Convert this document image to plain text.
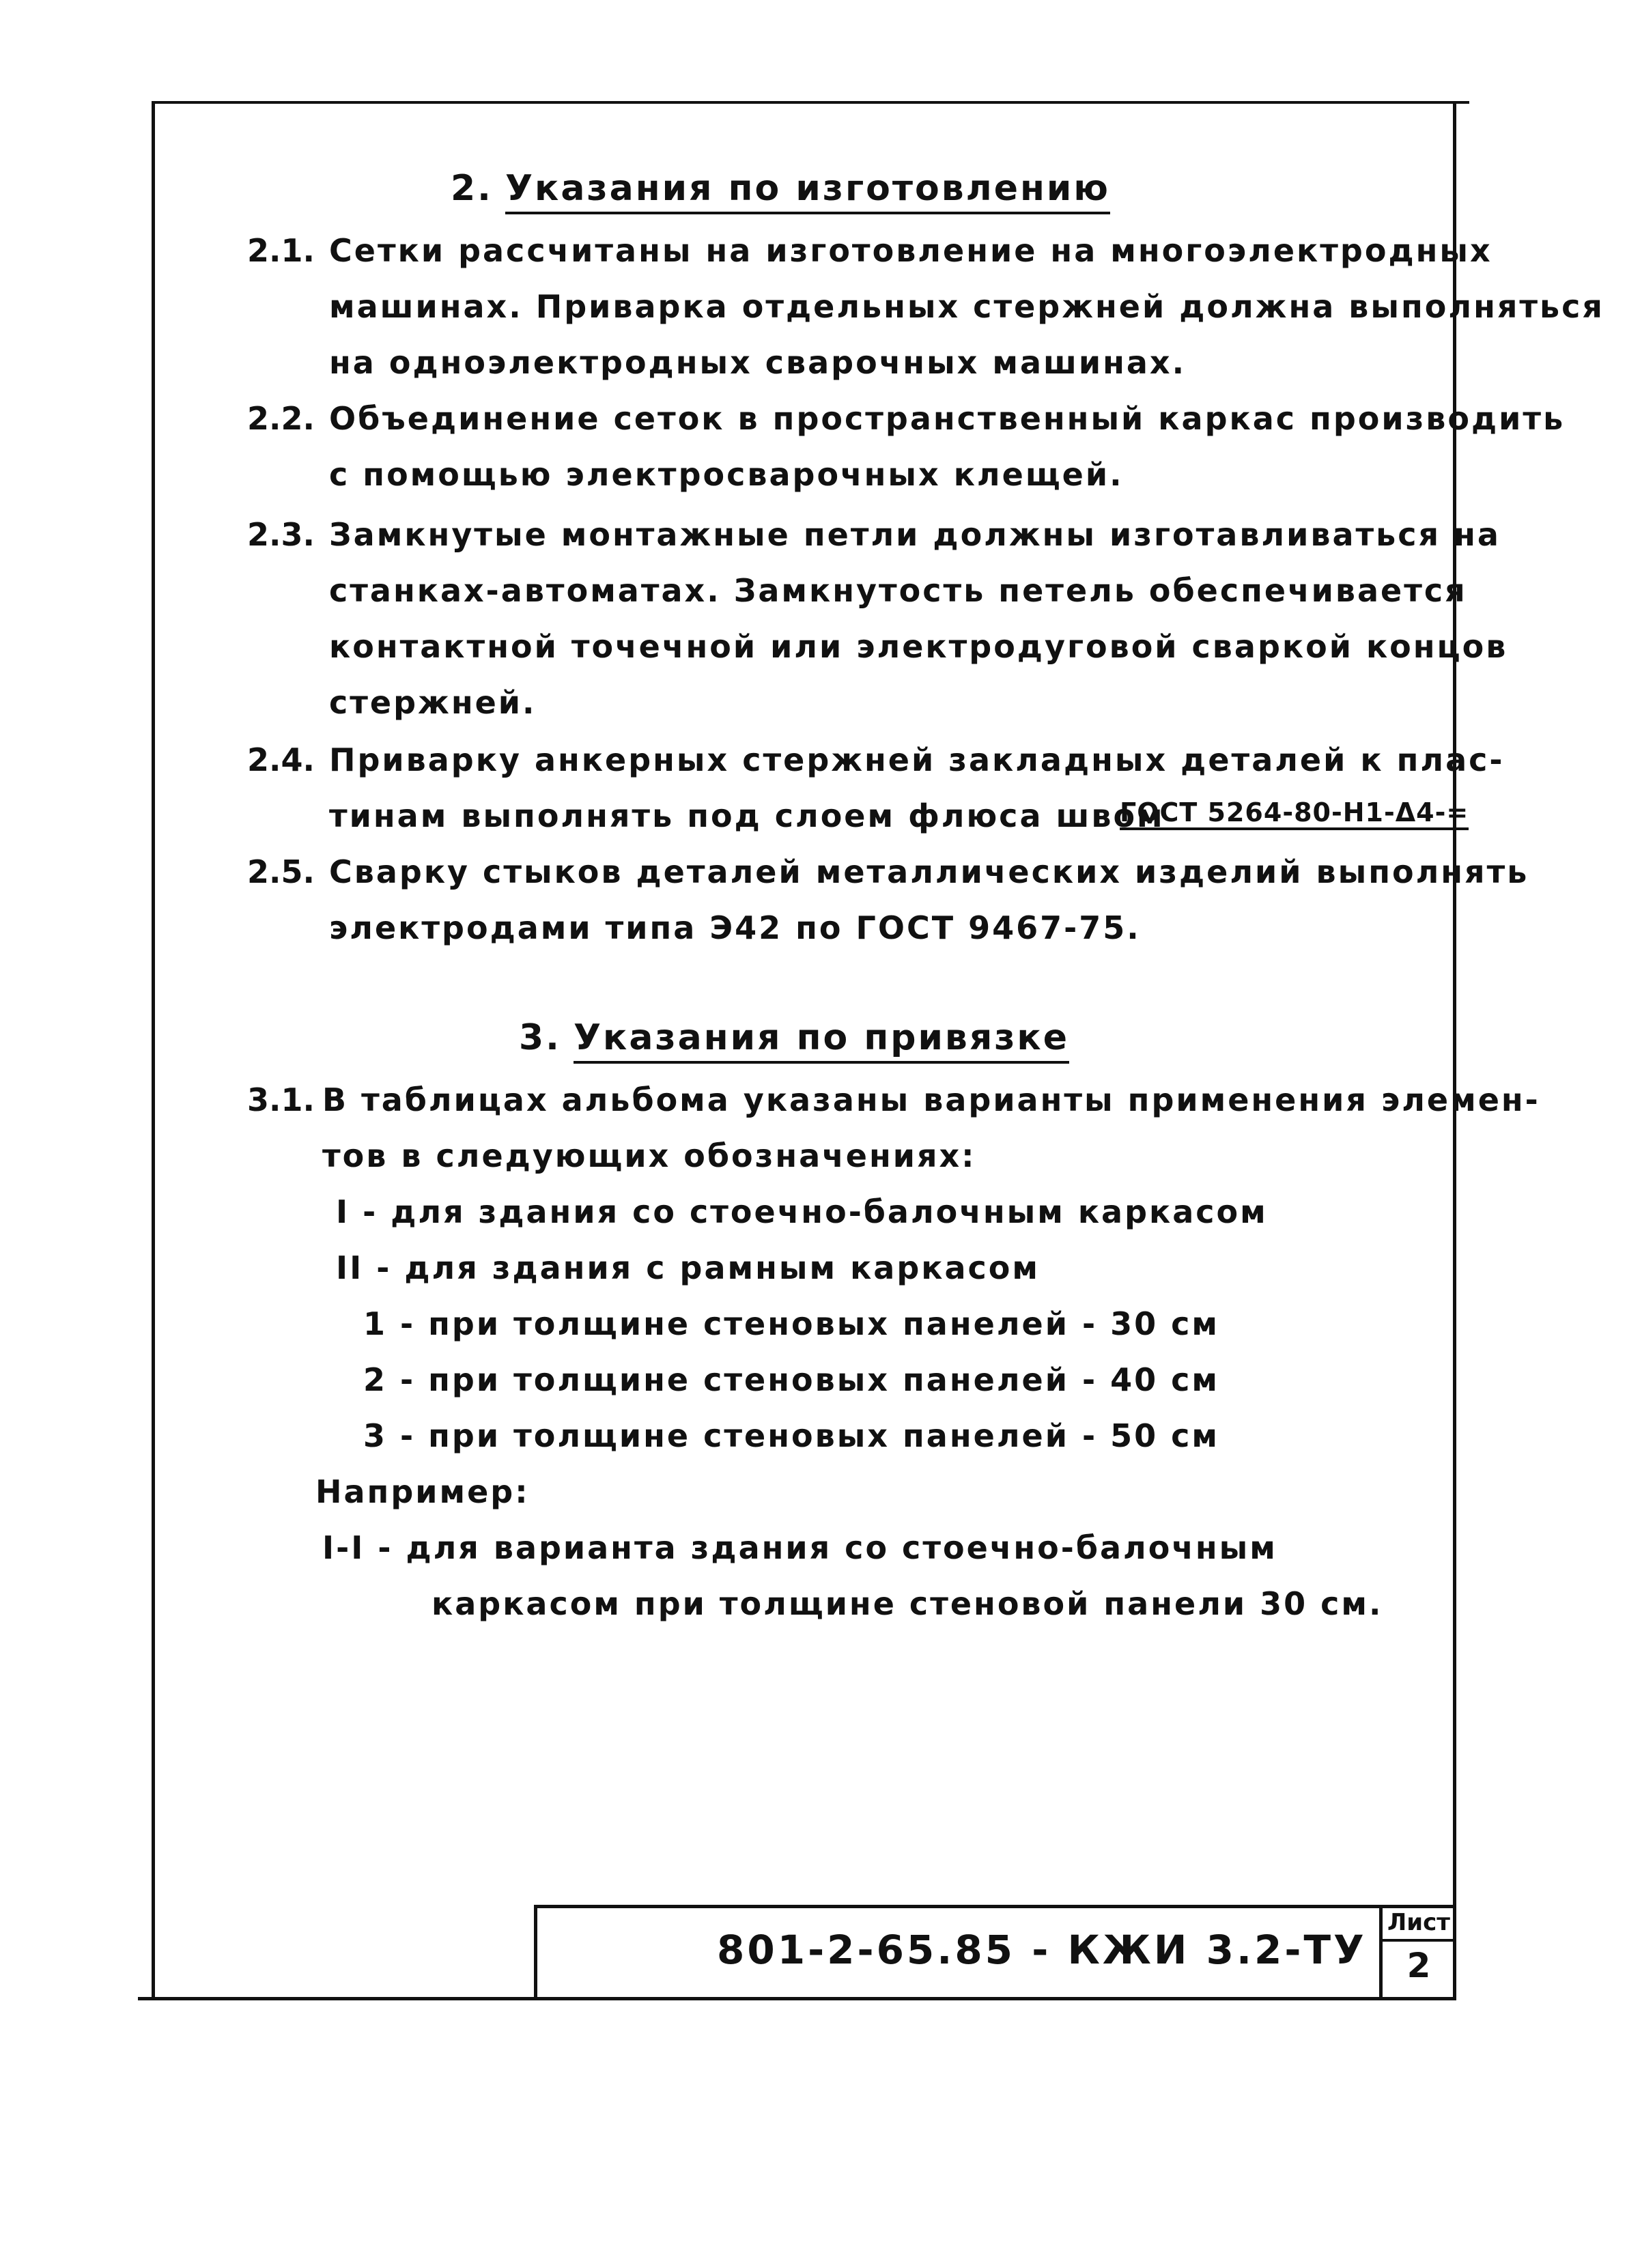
2. Указания по изготовлению
2.1. Сетки рассчитаны на изготовление на многоэлектродных
машинах. Приварка отдельных стержней должна выполняться
на одноэлектродных сварочных машинах.
2.2. Объединение сеток в пространственный каркас производить
с помощью электросварочных клещей.
2.3. Замкнутые монтажные петли должны изготавливаться на
станках-автоматах. Замкнутость петель обеспечивается
контактной точечной или электродуговой сваркой концов
стержней.
2.4. Приварку анкерных стержней закладных деталей к плас-
тинам выполнять под слоем флюса швом
ГОСТ 5264-80-Н1-Δ4-=
2.5. Сварку стыков деталей металлических изделий выполнять
электродами типа Э42 по ГОСТ 9467-75.
3. Указания по привязке
3.1. В таблицах альбома указаны варианты применения элемен-
тов в следующих обозначениях:
I - для здания со стоечно-балочным каркасом
II - для здания с рамным каркасом
1 - при толщине стеновых панелей - 30 см
2 - при толщине стеновых панелей - 40 см
3 - при толщине стеновых панелей - 50 см
Например:
I-I - для варианта здания со стоечно-балочным
каркасом при толщине стеновой панели 30 см.
801-2-65.85 - КЖИ 3.2-ТУ
Лист
2
